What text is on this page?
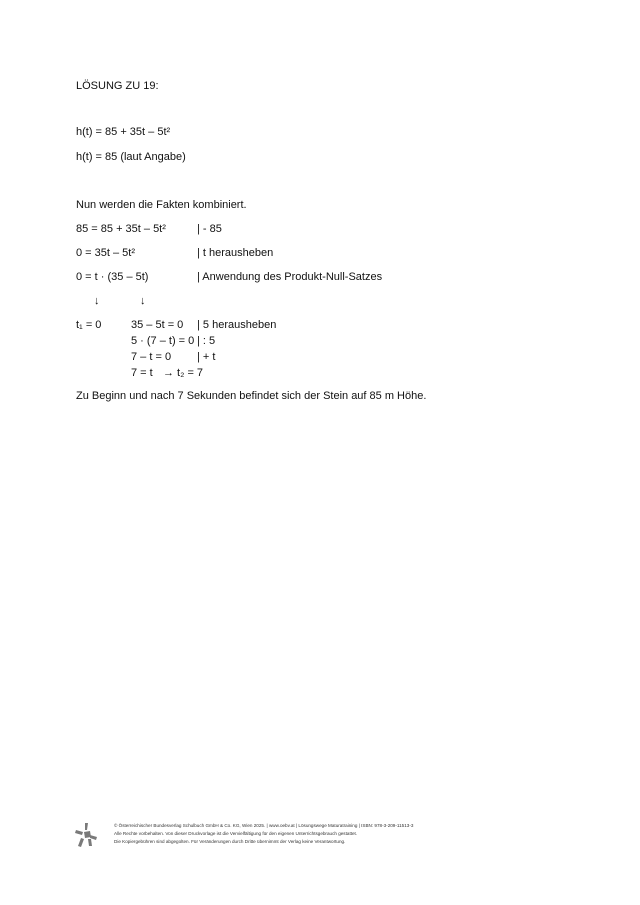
LÖSUNG ZU 19:
h(t) = 85 + 35t – 5t²
h(t) = 85 (laut Angabe)
Nun werden die Fakten kombiniert.
85 = 85 + 35t – 5t²	| - 85
0 = 35t – 5t²	| t herausheben
0 = t · (35 – 5t)	| Anwendung des Produkt-Null-Satzes
↓	↓
t₁ = 0	35 – 5t = 0 | 5 herausheben
5 · (7 – t) = 0 | : 5
7 – t = 0 | + t
7 = t → t₂ = 7
Zu Beginn und nach 7 Sekunden befindet sich der Stein auf 85 m Höhe.
© Österreichischer Bundesverlag Schulbuch GmbH & Co. KG, Wien 2025. | www.oebv.at | Lösungswege Maturatraining | ISBN: 978-3-209-11513-3
Alle Rechte vorbehalten. Von dieser Druckvorlage ist die Vervielfältigung für den eigenen Unterrichtsgebrauch gestattet.
Die Kopiergebühren sind abgegolten. Für Veränderungen durch Dritte übernimmt der Verlag keine Verantwortung.
